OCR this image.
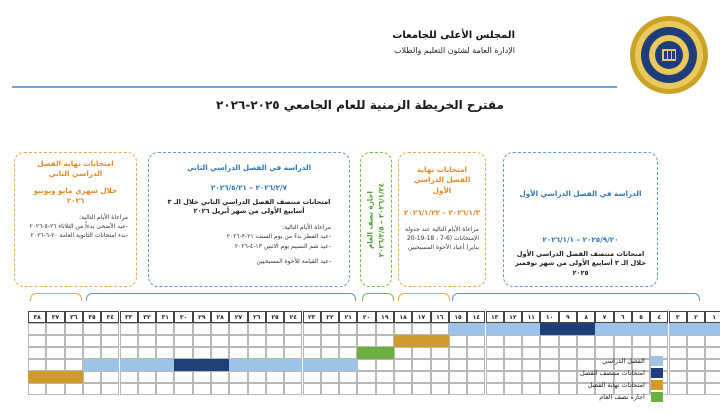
المجلس الأعلى للجامعات
الإدارة العامة لشئون التعليم والطلاب
مقترح الخريطة الزمنية للعام الجامعي ٢٠٢٥-٢٠٢٦
الدراسة في الفصل الدراسي الأول
٢٠٢٥/٩/٢٠ – ٢٠٢٦/١/١
امتحانات منتصف الفصل الدراسي الأول خلال الـ ٣ أسابيع الأولى من شهر نوفمبر ٢٠٢٥
امتحانات نهاية الفصل الدراسي الأول
٢٠٢٦/١/٣ – ٢٠٢٦/١/٢٢
مراعاة الأيام التالية عند جدولة الإمتحانات (6-7 ، 18-19-20 يناير) أعياد الأخوة المسيحيين
اجازة نصف العام ٢٠٢٦/١/٢٤ – ٢٠٢٦/٢/٥
الدراسة في الفصل الدراسي الثاني
٢٠٢٦/٢/٧ – ٢٠٢٦/٥/٢١
امتحانات منتصف الفصل الدراسي الثاني خلال الـ ٣ أسابيع الأولى من شهر أبريل ٢٠٢٦
مراعاة الأيام التالية:
-عيد الفطر بدءً من يوم السبت ٢١-٣-٢٠٢٦
-عيد شم النسيم يوم الاثنين ١٣-٤-٢٠٢٦
-عيد القيامة للأخوة المسيحيين
امتحانات نهاية الفصل الدراسي الثاني
خلال شهري مايو ويونيو ٢٠٢٦
مراعاة الأيام التالية:
-عيد الأضحى بدءاً من الثلاثاء ٢٦-٥-٢٠٢٦
-بدء امتحانات الثانوية العامة ٢٠-٦-٢٠٢٦
١
٢
٣
٤
٥
٦
٧
٨
٩
١٠
١١
١٢
١٣
١٤
١٥
١٦
١٧
١٨
١٩
٢٠
٢١
٢٢
٢٣
٢٤
٢٥
٢٦
٢٧
٢٨
٢٩
٣٠
٣١
٣٢
٣٣
٣٤
٣٥
٣٦
٣٧
٣٨
الفصل الدراسي
امتحانات منتصف الفصل
امتحانات نهاية الفصل
اجازة نصف العام
